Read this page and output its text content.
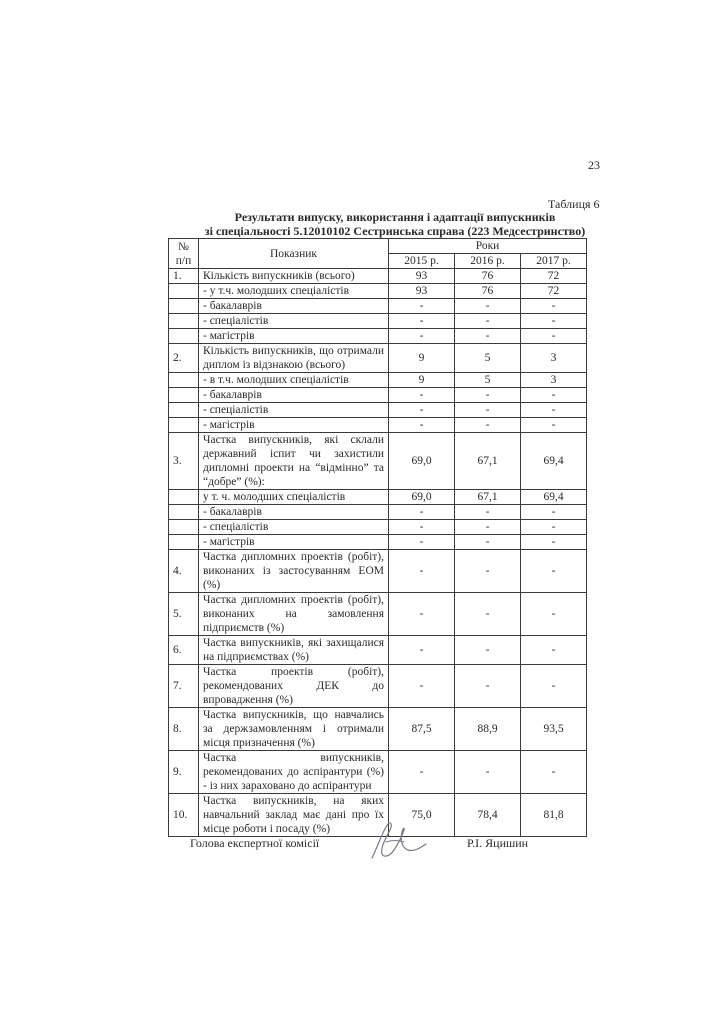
23
Таблиця 6
Результати випуску, використання і адаптації випускників
зі спеціальності 5.12010102 Сестринська справа (223 Медсестринство)
№
п/п	Показник	Роки		
		2015 р.	2016 р.	2017 р.
1.	Кількість випускників (всього)	93	76	72
	- у т.ч. молодших спеціалістів	93	76	72
	- бакалаврів	-	-	-
	- спеціалістів	-	-	-
	- магістрів	-	-	-
2.	Кількість випускників, що отримали диплом із відзнакою (всього)	9	5	3
	- в т.ч. молодших спеціалістів	9	5	3
	- бакалаврів	-	-	-
	- спеціалістів	-	-	-
	- магістрів	-	-	-
3.	Частка випускників, які склали державний іспит чи захистили дипломні проекти на “відмінно” та “добре” (%):	69,0	67,1	69,4
	у т. ч. молодших спеціалістів	69,0	67,1	69,4
	- бакалаврів	-	-	-
	- спеціалістів	-	-	-
	- магістрів	-	-	-
4.	Частка дипломних проектів (робіт), виконаних із застосуванням ЕОМ (%)	-	-	-
5.	Частка дипломних проектів (робіт), виконаних на замовлення підприємств (%)	-	-	-
6.	Частка випускників, які захищалися на підприємствах (%)	-	-	-
7.	Частка проектів (робіт), рекомендованих ДЕК до впровадження (%)	-	-	-
8.	Частка випускників, що навчались за держзамовленням і отримали місця призначення (%)	87,5	88,9	93,5
9.	Частка випускників, рекомендованих до аспірантури (%) - із них зараховано до аспірантури	-	-	-
10.	Частка випускників, на яких навчальний заклад має дані про їх місце роботи і посаду (%)	75,0	78,4	81,8
Голова експертної комісії	Р.І. Яцишин
